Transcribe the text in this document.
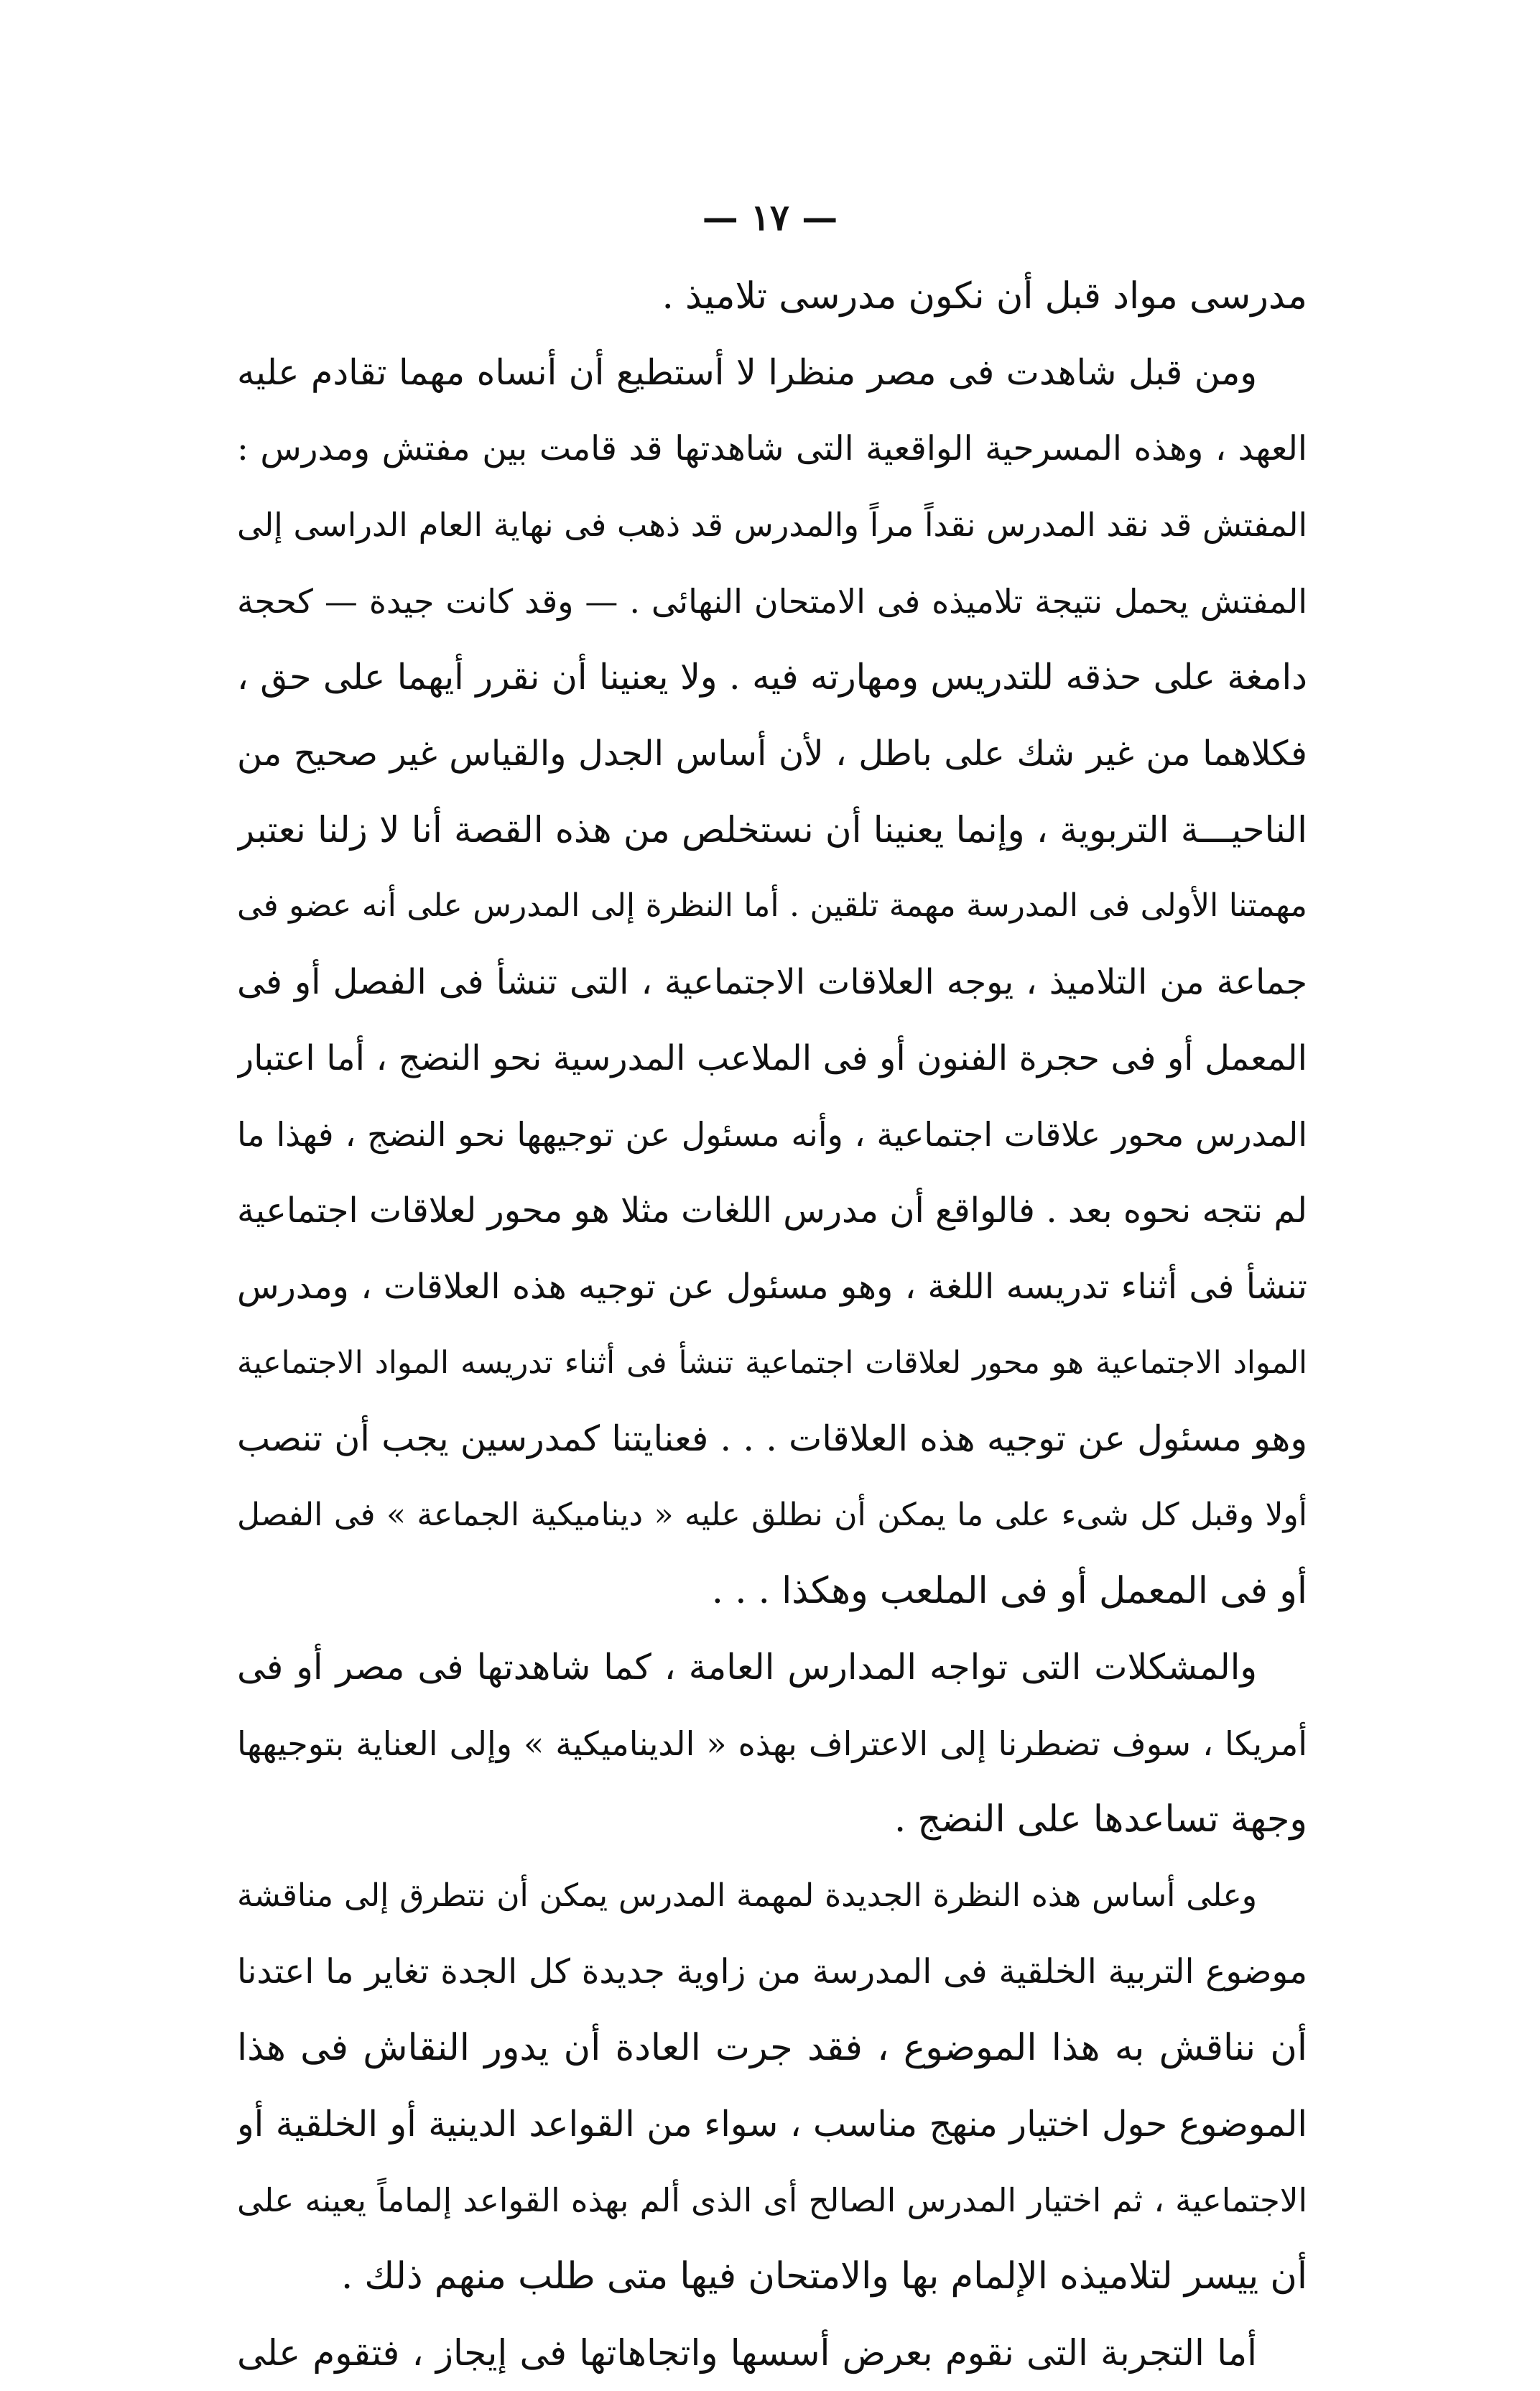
— ١٧ —
مدرسى مواد قبل أن نكون مدرسى تلاميذ .
ومن قبل شاهدت فى مصر منظرا لا أستطيع أن أنساه مهما تقادم عليه
العهد ، وهذه المسرحية الواقعية التى شاهدتها قد قامت بين مفتش ومدرس :
المفتش قد نقد المدرس نقداً مراً والمدرس قد ذهب فى نهاية العام الدراسى إلى
المفتش يحمل نتيجة تلاميذه فى الامتحان النهائى . — وقد كانت جيدة — كحجة
دامغة على حذقه للتدريس ومهارته فيه . ولا يعنينا أن نقرر أيهما على حق ،
فكلاهما من غير شك على باطل ، لأن أساس الجدل والقياس غير صحيح من
الناحيـــة التربوية ، وإنما يعنينا أن نستخلص من هذه القصة أنا لا زلنا نعتبر
مهمتنا الأولى فى المدرسة مهمة تلقين . أما النظرة إلى المدرس على أنه عضو فى
جماعة من التلاميذ ، يوجه العلاقات الاجتماعية ، التى تنشأ فى الفصل أو فى
المعمل أو فى حجرة الفنون أو فى الملاعب المدرسية نحو النضج ، أما اعتبار
المدرس محور علاقات اجتماعية ، وأنه مسئول عن توجيهها نحو النضج ، فهذا ما
لم نتجه نحوه بعد . فالواقع أن مدرس اللغات مثلا هو محور لعلاقات اجتماعية
تنشأ فى أثناء تدريسه اللغة ، وهو مسئول عن توجيه هذه العلاقات ، ومدرس
المواد الاجتماعية هو محور لعلاقات اجتماعية تنشأ فى أثناء تدريسه المواد الاجتماعية
وهو مسئول عن توجيه هذه العلاقات . . . فعنايتنا كمدرسين يجب أن تنصب
أولا وقبل كل شىء على ما يمكن أن نطلق عليه « ديناميكية الجماعة » فى الفصل
أو فى المعمل أو فى الملعب وهكذا . . .
والمشكلات التى تواجه المدارس العامة ، كما شاهدتها فى مصر أو فى
أمريكا ، سوف تضطرنا إلى الاعتراف بهذه « الديناميكية » وإلى العناية بتوجيهها
وجهة تساعدها على النضج .
وعلى أساس هذه النظرة الجديدة لمهمة المدرس يمكن أن نتطرق إلى مناقشة
موضوع التربية الخلقية فى المدرسة من زاوية جديدة كل الجدة تغاير ما اعتدنا
أن نناقش به هذا الموضوع ، فقد جرت العادة أن يدور النقاش فى هذا
الموضوع حول اختيار منهج مناسب ، سواء من القواعد الدينية أو الخلقية أو
الاجتماعية ، ثم اختيار المدرس الصالح أى الذى ألم بهذه القواعد إلماماً يعينه على
أن ييسر لتلاميذه الإلمام بها والامتحان فيها متى طلب منهم ذلك .
أما التجربة التى نقوم بعرض أسسها واتجاهاتها فى إيجاز ، فتقوم على
